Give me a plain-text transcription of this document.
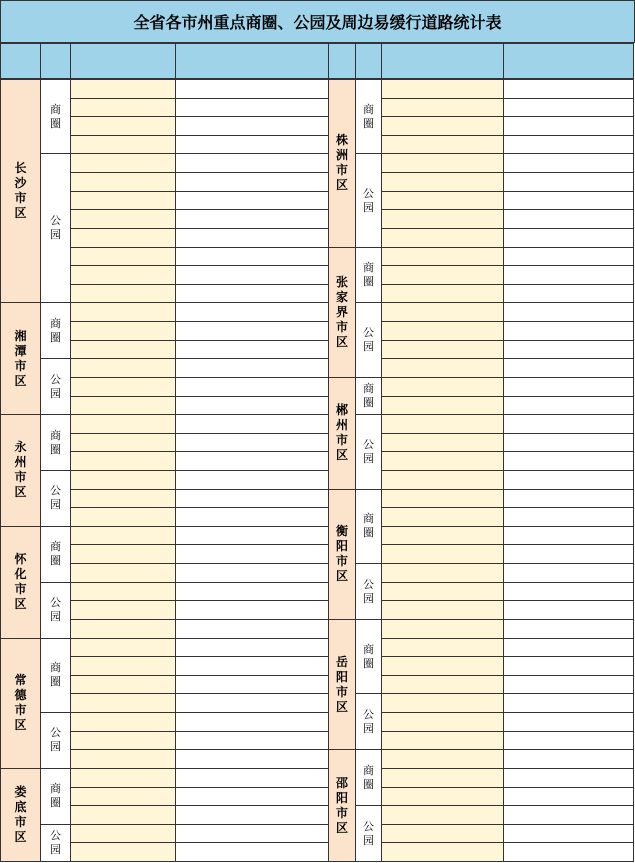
全省各市州重点商圈、公园及周边易缓行道路统计表
商圈
公园
长沙市区
商圈
公园
湘潭市区
商圈
公园
永州市区
商圈
公园
怀化市区
商圈
公园
常德市区
商圈
公园
娄底市区
商圈
公园
株洲市区
商圈
公园
张家界市区
商圈
公园
郴州市区
商圈
公园
衡阳市区
商圈
公园
岳阳市区
商圈
公园
邵阳市区
